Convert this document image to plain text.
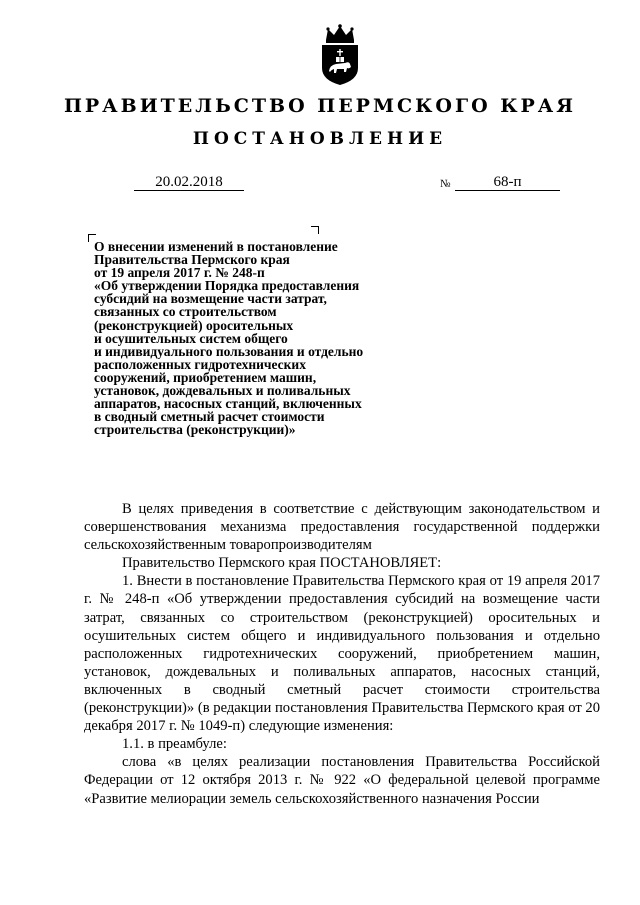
ПРАВИТЕЛЬСТВО ПЕРМСКОГО КРАЯ
ПОСТАНОВЛЕНИЕ
20.02.2018	№	68-п
О внесении изменений в постановление
Правительства Пермского края
от 19 апреля 2017 г. № 248-п
«Об утверждении Порядка предоставления
субсидий на возмещение части затрат,
связанных со строительством
(реконструкцией) оросительных
и осушительных систем общего
и индивидуального пользования и отдельно
расположенных гидротехнических
сооружений, приобретением машин,
установок, дождевальных и поливальных
аппаратов, насосных станций, включенных
в сводный сметный расчет стоимости
строительства (реконструкции)»

В целях приведения в соответствие с действующим законодательством и совершенствования механизма предоставления государственной поддержки сельскохозяйственным товаропроизводителям

Правительство Пермского края ПОСТАНОВЛЯЕТ:

1. Внести в постановление Правительства Пермского края от 19 апреля 2017 г. № 248-п «Об утверждении предоставления субсидий на возмещение части затрат, связанных со строительством (реконструкцией) оросительных и осушительных систем общего и индивидуального пользования и отдельно расположенных гидротехнических сооружений, приобретением машин, установок, дождевальных и поливальных аппаратов, насосных станций, включенных в сводный сметный расчет стоимости строительства (реконструкции)» (в редакции постановления Правительства Пермского края от 20 декабря 2017 г. № 1049-п) следующие изменения:

1.1. в преамбуле:

слова «в целях реализации постановления Правительства Российской Федерации от 12 октября 2013 г. № 922 «О федеральной целевой программе «Развитие мелиорации земель сельскохозяйственного назначения России
